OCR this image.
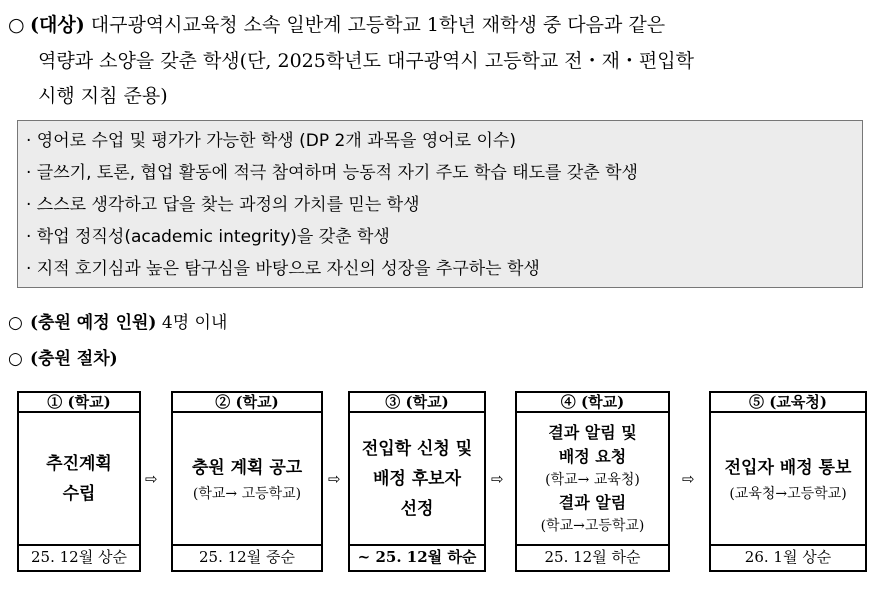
○ (대상) 대구광역시교육청 소속 일반계 고등학교 1학년 재학생 중 다음과 같은
역량과 소양을 갖춘 학생(단, 2025학년도 대구광역시 고등학교 전・재・편입학
시행 지침 준용)
· 영어로 수업 및 평가가 가능한 학생 (DP 2개 과목을 영어로 이수)
· 글쓰기, 토론, 협업 활동에 적극 참여하며 능동적 자기 주도 학습 태도를 갖춘 학생
· 스스로 생각하고 답을 찾는 과정의 가치를 믿는 학생
· 학업 정직성(academic integrity)을 갖춘 학생
· 지적 호기심과 높은 탐구심을 바탕으로 자신의 성장을 추구하는 학생
○ (충원 예정 인원) 4명 이내
○ (충원 절차)
① (학교)
추진계획
수립
25. 12월 상순
⇨
② (학교)
충원 계획 공고
(학교→ 고등학교)
25. 12월 중순
⇨
③ (학교)
전입학 신청 및
배정 후보자
선정
~ 25. 12월 하순
⇨
④ (학교)
결과 알림 및
배정 요청
(학교→ 교육청)
결과 알림
(학교→고등학교)
25. 12월 하순
⇨
⑤ (교육청)
전입자 배정 통보
(교육청→고등학교)
26. 1월 상순
